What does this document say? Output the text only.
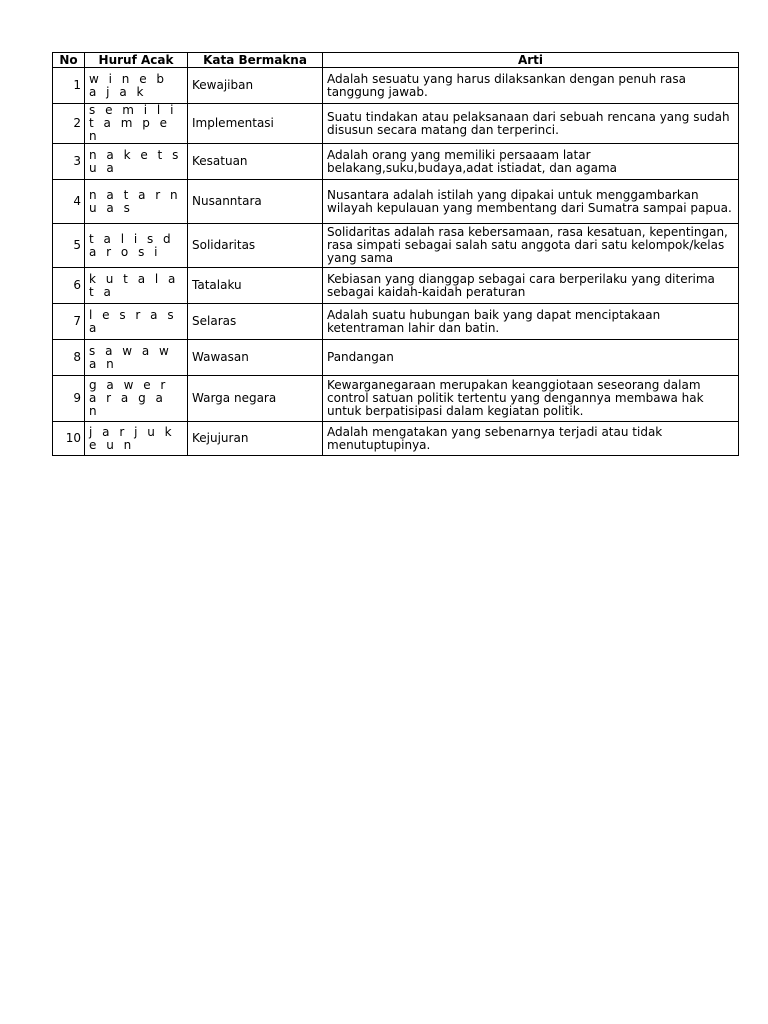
No	Huruf Acak	Kata Bermakna	Arti
1	w i n e b a j a k	Kewajiban	Adalah sesuatu yang harus dilaksankan dengan penuh rasa tanggung jawab.
2	s e m i l i t a m p e n	Implementasi	Suatu tindakan atau pelaksanaan dari sebuah rencana yang sudah disusun secara matang dan terperinci.
3	n a k e t s u a	Kesatuan	Adalah orang yang memiliki persaaam latar belakang,suku,budaya,adat istiadat, dan agama
4	n a t a r n u a s	Nusanntara	Nusantara adalah istilah yang dipakai untuk menggambarkan wilayah kepulauan yang membentang dari Sumatra sampai papua.
5	t a l i s d a r o s i	Solidaritas	Solidaritas adalah rasa kebersamaan, rasa kesatuan, kepentingan, rasa simpati sebagai salah satu anggota dari satu kelompok/kelas yang sama
6	k u t a l a t a	Tatalaku	Kebiasan yang dianggap sebagai cara berperilaku yang diterima sebagai kaidah-kaidah peraturan
7	l e s r a s a	Selaras	Adalah suatu hubungan baik yang dapat menciptakaan ketentraman lahir dan batin.
8	s a w a w a n	Wawasan	Pandangan
9	g a w e r a r a g a n	Warga negara	Kewarganegaraan merupakan keanggiotaan seseorang dalam control satuan politik tertentu yang dengannya membawa hak untuk berpatisipasi dalam kegiatan politik.
10	j a r j u k e u n	Kejujuran	Adalah mengatakan yang sebenarnya terjadi atau tidak menutuptupinya.
